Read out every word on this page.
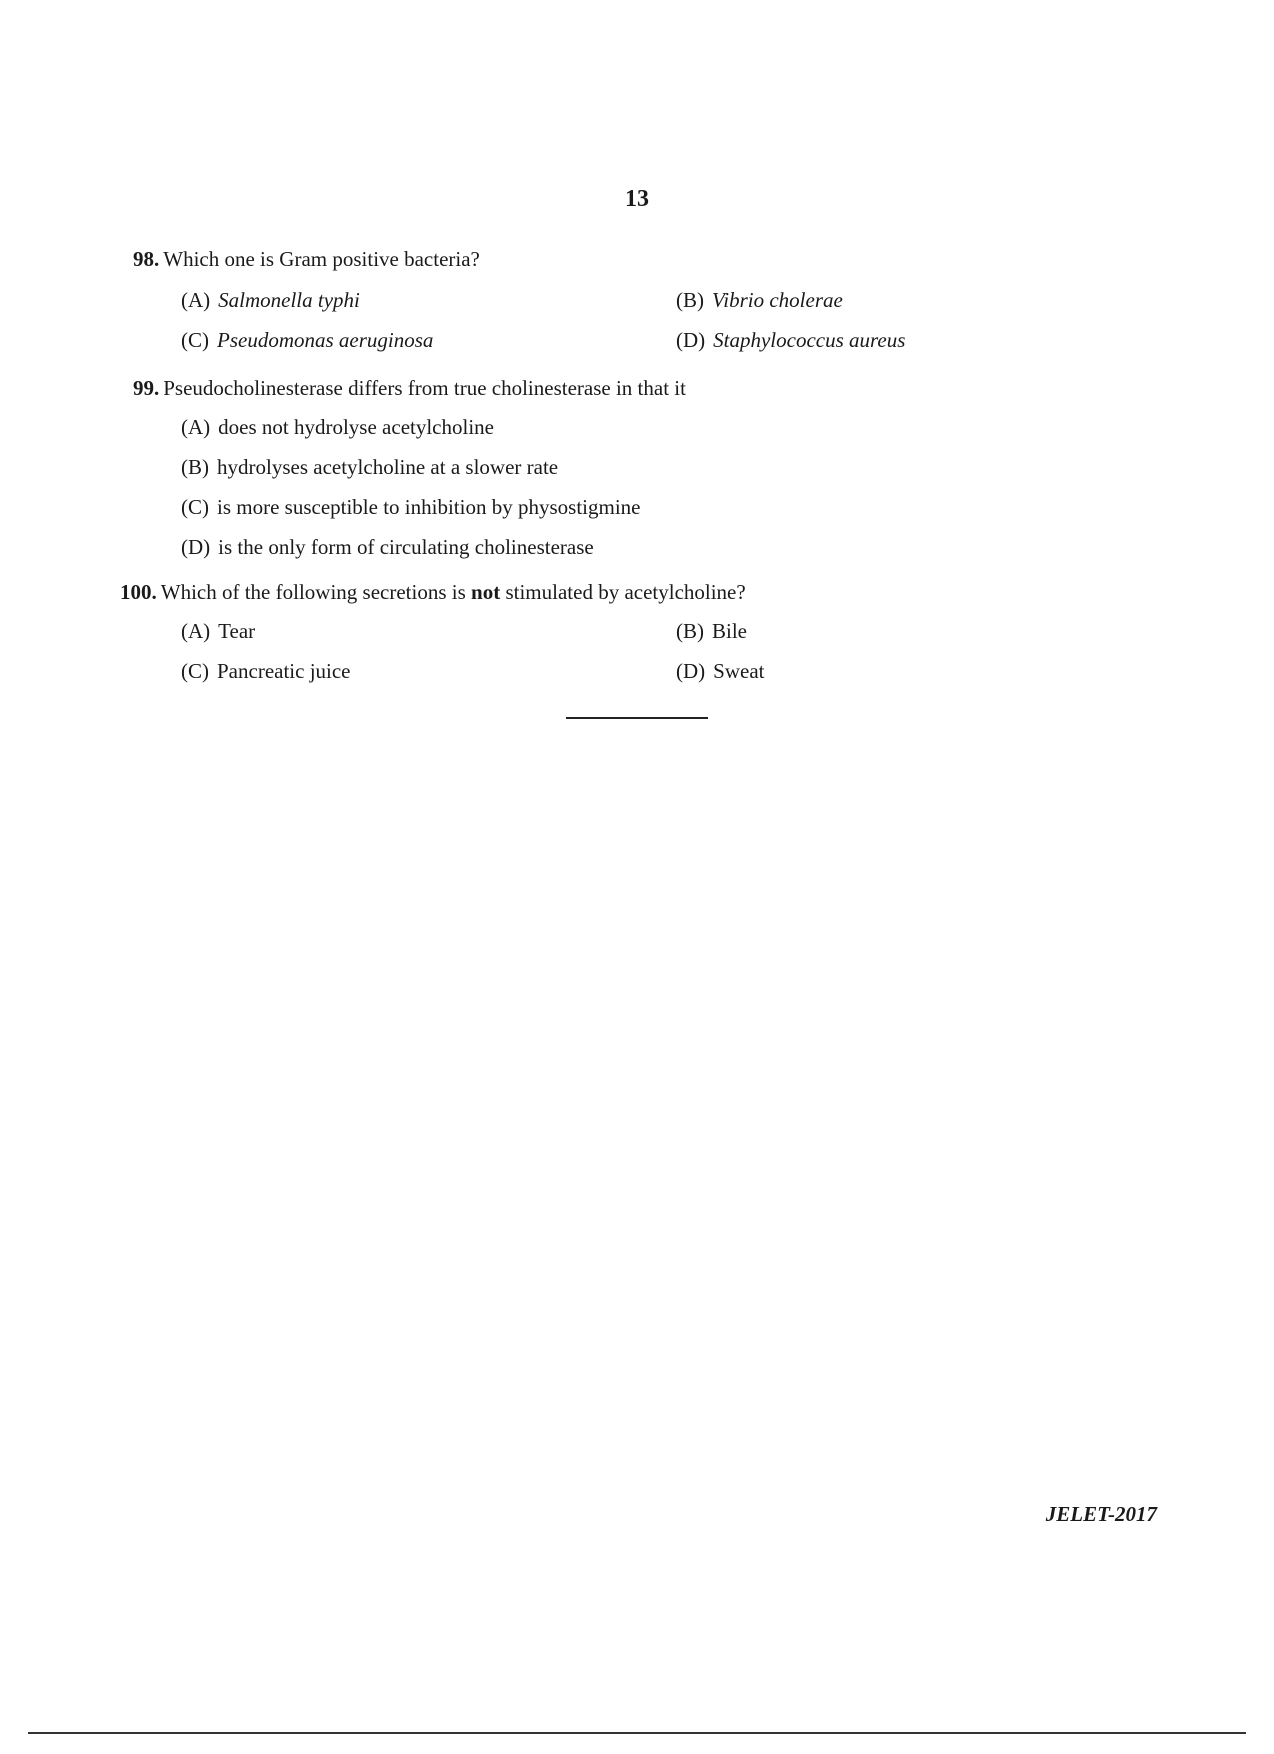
13
98. Which one is Gram positive bacteria?
(A) Salmonella typhi	(B) Vibrio cholerae
(C) Pseudomonas aeruginosa	(D) Staphylococcus aureus
99. Pseudocholinesterase differs from true cholinesterase in that it
(A) does not hydrolyse acetylcholine
(B) hydrolyses acetylcholine at a slower rate
(C) is more susceptible to inhibition by physostigmine
(D) is the only form of circulating cholinesterase
100. Which of the following secretions is not stimulated by acetylcholine?
(A) Tear	(B) Bile
(C) Pancreatic juice	(D) Sweat
JELET-2017
